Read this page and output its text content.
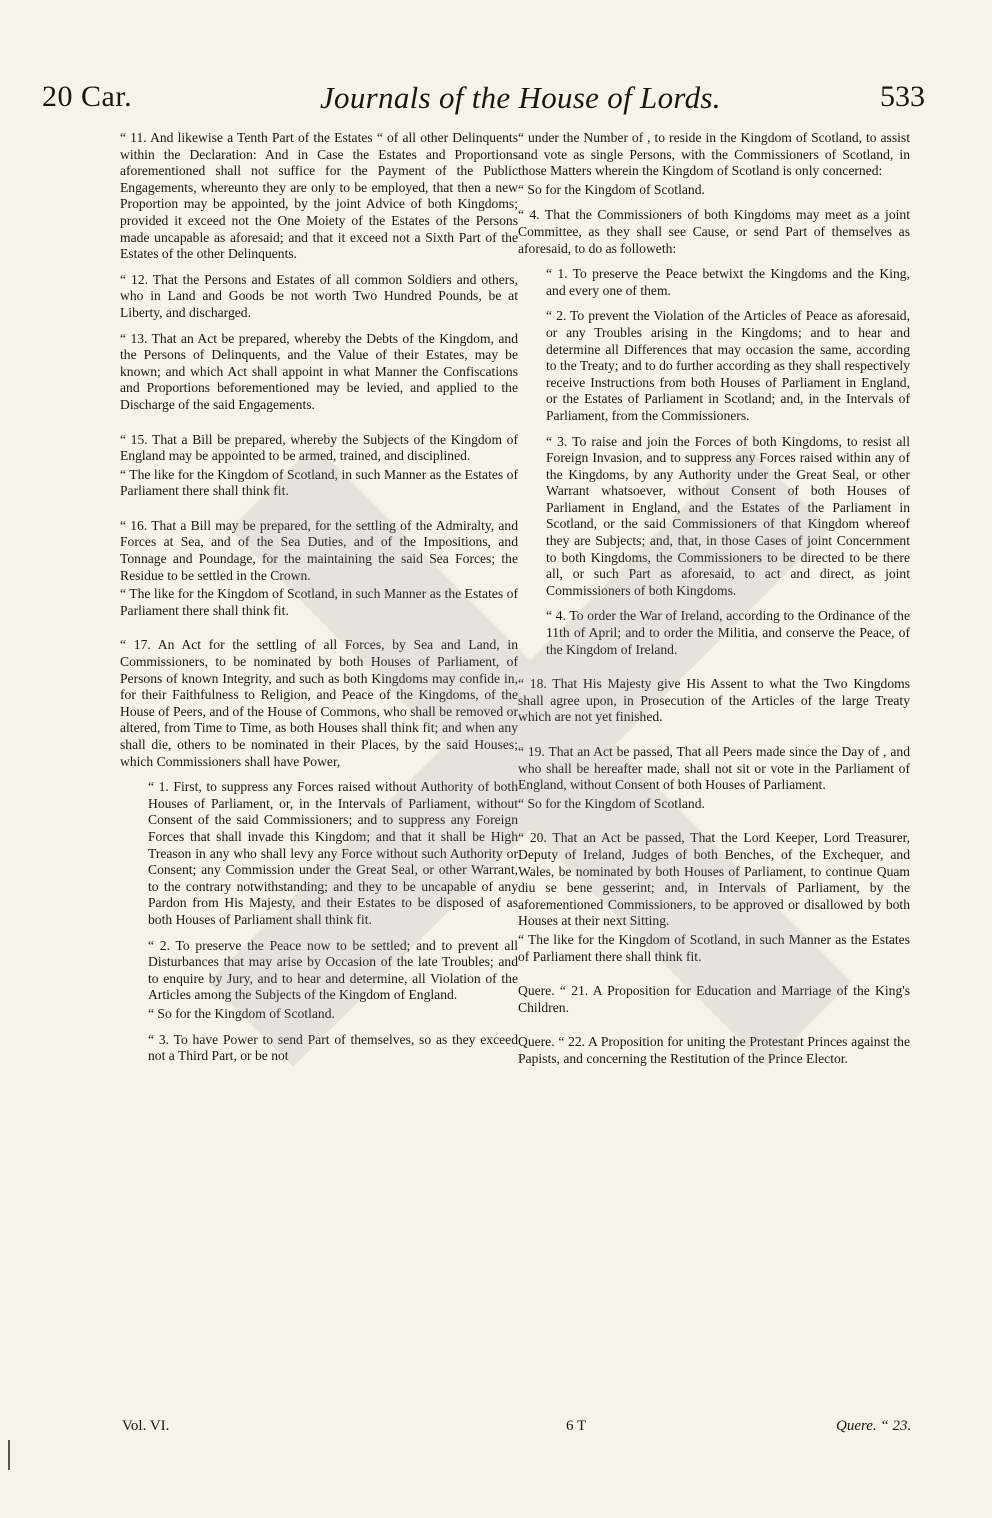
20 Car.	Journals of the House of Lords.	533

“ 11. And likewise a Tenth Part of the Estates “ of all other Delinquents within the Declaration: And in Case the Estates and Proportions aforementioned shall not suffice for the Payment of the Public Engagements, whereunto they are only to be employed, that then a new Proportion may be appointed, by the joint Advice of both Kingdoms; provided it exceed not the One Moiety of the Estates of the Persons made uncapable as aforesaid; and that it exceed not a Sixth Part of the Estates of the other Delinquents.

“ 12. That the Persons and Estates of all common Soldiers and others, who in Land and Goods be not worth Two Hundred Pounds, be at Liberty, and discharged.

“ 13. That an Act be prepared, whereby the Debts of the Kingdom, and the Persons of Delinquents, and the Value of their Estates, may be known; and which Act shall appoint in what Manner the Confiscations and Proportions beforementioned may be levied, and applied to the Discharge of the said Engagements.

“ 15. That a Bill be prepared, whereby the Subjects of the Kingdom of England may be appointed to be armed, trained, and disciplined.

“ The like for the Kingdom of Scotland, in such Manner as the Estates of Parliament there shall think fit.

“ 16. That a Bill may be prepared, for the settling of the Admiralty, and Forces at Sea, and of the Sea Duties, and of the Impositions, and Tonnage and Poundage, for the maintaining the said Sea Forces; the Residue to be settled in the Crown.

“ The like for the Kingdom of Scotland, in such Manner as the Estates of Parliament there shall think fit.

“ 17. An Act for the settling of all Forces, by Sea and Land, in Commissioners, to be nominated by both Houses of Parliament, of Persons of known Integrity, and such as both Kingdoms may confide in, for their Faithfulness to Religion, and Peace of the Kingdoms, of the House of Peers, and of the House of Commons, who shall be removed or altered, from Time to Time, as both Houses shall think fit; and when any shall die, others to be nominated in their Places, by the said Houses; which Commissioners shall have Power,

“ 1. First, to suppress any Forces raised without Authority of both Houses of Parliament, or, in the Intervals of Parliament, without Consent of the said Commissioners; and to suppress any Foreign Forces that shall invade this Kingdom; and that it shall be High Treason in any who shall levy any Force without such Authority or Consent; any Commission under the Great Seal, or other Warrant, to the contrary notwithstanding; and they to be uncapable of any Pardon from His Majesty, and their Estates to be disposed of as both Houses of Parliament shall think fit.

“ 2. To preserve the Peace now to be settled; and to prevent all Disturbances that may arise by Occasion of the late Troubles; and to enquire by Jury, and to hear and determine, all Violation of the Articles among the Subjects of the Kingdom of England.

“ So for the Kingdom of Scotland.

“ 3. To have Power to send Part of themselves, so as they exceed not a Third Part, or be not

“ under the Number of , to reside in the Kingdom of Scotland, to assist and vote as single Persons, with the Commissioners of Scotland, in those Matters wherein the Kingdom of Scotland is only concerned:

“ So for the Kingdom of Scotland.

“ 4. That the Commissioners of both Kingdoms may meet as a joint Committee, as they shall see Cause, or send Part of themselves as aforesaid, to do as followeth:

“ 1. To preserve the Peace betwixt the Kingdoms and the King, and every one of them.

“ 2. To prevent the Violation of the Articles of Peace as aforesaid, or any Troubles arising in the Kingdoms; and to hear and determine all Differences that may occasion the same, according to the Treaty; and to do further according as they shall respectively receive Instructions from both Houses of Parliament in England, or the Estates of Parliament in Scotland; and, in the Intervals of Parliament, from the Commissioners.

“ 3. To raise and join the Forces of both Kingdoms, to resist all Foreign Invasion, and to suppress any Forces raised within any of the Kingdoms, by any Authority under the Great Seal, or other Warrant whatsoever, without Consent of both Houses of Parliament in England, and the Estates of the Parliament in Scotland, or the said Commissioners of that Kingdom whereof they are Subjects; and, that, in those Cases of joint Concernment to both Kingdoms, the Commissioners to be directed to be there all, or such Part as aforesaid, to act and direct, as joint Commissioners of both Kingdoms.

“ 4. To order the War of Ireland, according to the Ordinance of the 11th of April; and to order the Militia, and conserve the Peace, of the Kingdom of Ireland.

“ 18. That His Majesty give His Assent to what the Two Kingdoms shall agree upon, in Prosecution of the Articles of the large Treaty which are not yet finished.

“ 19. That an Act be passed, That all Peers made since the Day of , and who shall be hereafter made, shall not sit or vote in the Parliament of England, without Consent of both Houses of Parliament.

“ So for the Kingdom of Scotland.

“ 20. That an Act be passed, That the Lord Keeper, Lord Treasurer, Deputy of Ireland, Judges of both Benches, of the Exchequer, and Wales, be nominated by both Houses of Parliament, to continue Quam diu se bene gesserint; and, in Intervals of Parliament, by the aforementioned Commissioners, to be approved or disallowed by both Houses at their next Sitting.

“ The like for the Kingdom of Scotland, in such Manner as the Estates of Parliament there shall think fit.

Quere. “ 21. A Proposition for Education and Marriage of the King's Children.

Quere. “ 22. A Proposition for uniting the Protestant Princes against the Papists, and concerning the Restitution of the Prince Elector.

Vol. VI.	6 T	Quere. “ 23.
